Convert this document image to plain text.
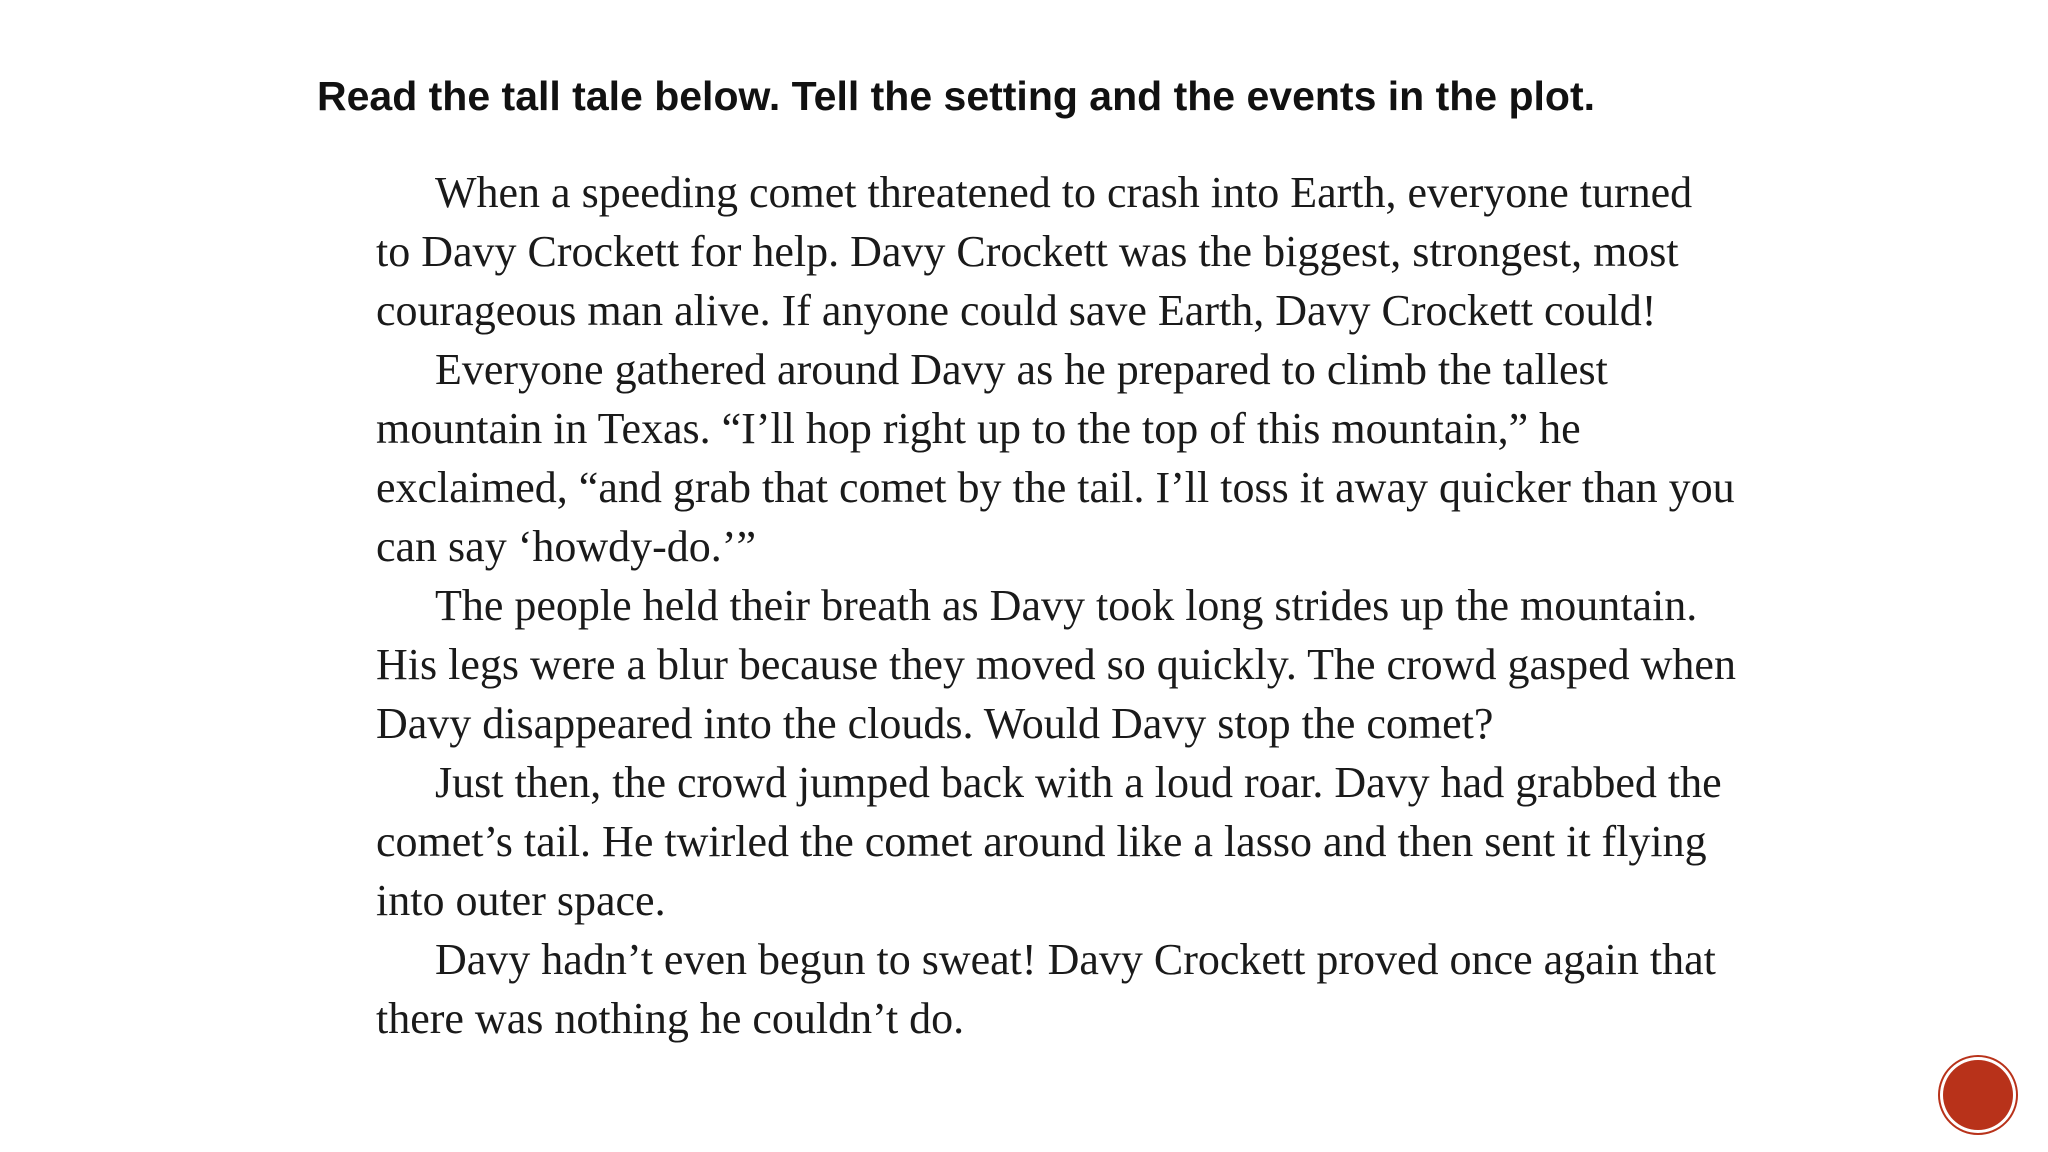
Read the tall tale below. Tell the setting and the events in the plot.
When a speeding comet threatened to crash into Earth, everyone turned
to Davy Crockett for help. Davy Crockett was the biggest, strongest, most
courageous man alive. If anyone could save Earth, Davy Crockett could!
Everyone gathered around Davy as he prepared to climb the tallest
mountain in Texas. “I’ll hop right up to the top of this mountain,” he
exclaimed, “and grab that comet by the tail. I’ll toss it away quicker than you
can say ‘howdy-do.’”
The people held their breath as Davy took long strides up the mountain.
His legs were a blur because they moved so quickly. The crowd gasped when
Davy disappeared into the clouds. Would Davy stop the comet?
Just then, the crowd jumped back with a loud roar. Davy had grabbed the
comet’s tail. He twirled the comet around like a lasso and then sent it flying
into outer space.
Davy hadn’t even begun to sweat! Davy Crockett proved once again that
there was nothing he couldn’t do.
